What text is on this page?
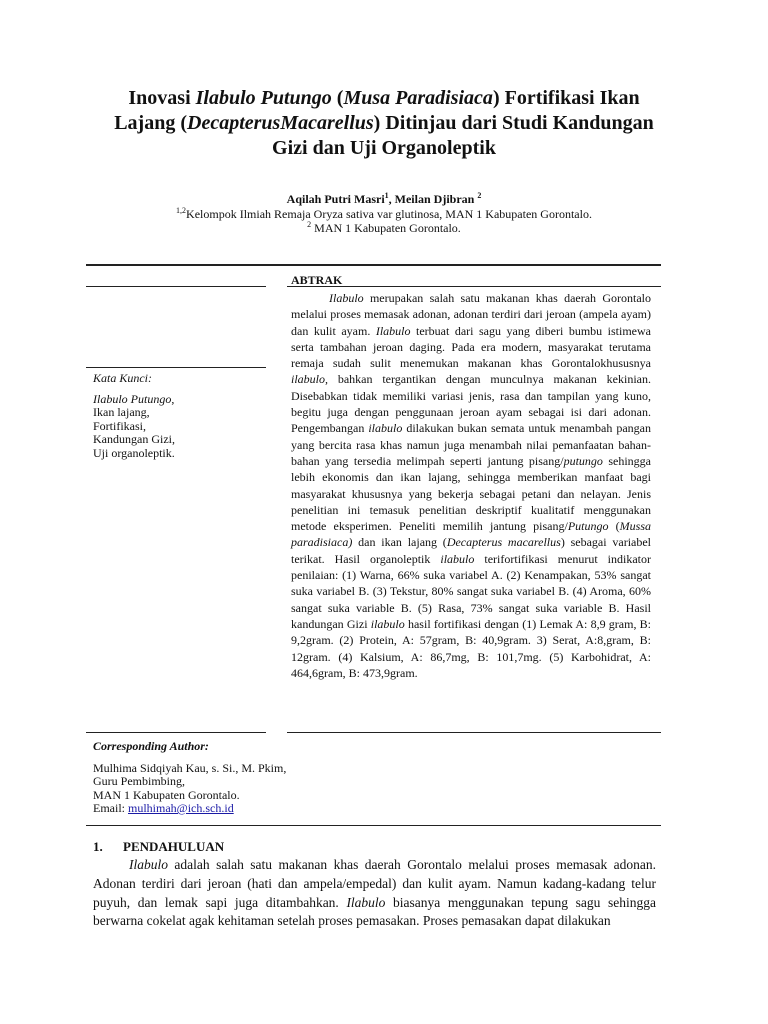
Inovasi Ilabulo Putungo (Musa Paradisiaca) Fortifikasi Ikan
Lajang (DecapterusMacarellus) Ditinjau dari Studi Kandungan
Gizi dan Uji Organoleptik
Aqilah Putri Masri$^1$, Meilan Djibran $^2$
$^{1,2}$Kelompok Ilmiah Remaja Oryza sativa var glutinosa, MAN 1 Kabupaten Gorontalo.
$^2$ MAN 1 Kabupaten Gorontalo.
Kata Kunci:
Ilabulo Putungo,
Ikan lajang,
Fortifikasi,
Kandungan Gizi,
Uji organoleptik.
ABTRAK

Ilabulo merupakan salah satu makanan khas daerah Gorontalo melalui proses memasak adonan, adonan terdiri dari jeroan (ampela ayam) dan kulit ayam. Ilabulo terbuat dari sagu yang diberi bumbu istimewa serta tambahan jeroan daging. Pada era modern, masyarakat terutama remaja sudah sulit menemukan makanan khas Gorontalokhususnya ilabulo, bahkan tergantikan dengan munculnya makanan kekinian. Disebabkan tidak memiliki variasi jenis, rasa dan tampilan yang kuno, begitu juga dengan penggunaan jeroan ayam sebagai isi dari adonan. Pengembangan ilabulo dilakukan bukan semata untuk menambah pangan yang bercita rasa khas namun juga menambah nilai pemanfaatan bahan-bahan yang tersedia melimpah seperti jantung pisang/putungo sehingga lebih ekonomis dan ikan lajang, sehingga memberikan manfaat bagi masyarakat khususnya yang bekerja sebagai petani dan nelayan. Jenis penelitian ini temasuk penelitian deskriptif kualitatif menggunakan metode eksperimen. Peneliti memilih jantung pisang/Putungo (Mussa paradisiaca) dan ikan lajang (Decapterus macarellus) sebagai variabel terikat. Hasil organoleptik ilabulo terifortifikasi menurut indikator penilaian: (1) Warna, 66% suka variabel A. (2) Kenampakan, 53% sangat suka variabel B. (3) Tekstur, 80% sangat suka variabel B. (4) Aroma, 60% sangat suka variable B. (5) Rasa, 73% sangat suka variable B. Hasil kandungan Gizi ilabulo hasil fortifikasi dengan (1) Lemak A: 8,9 gram, B: 9,2gram. (2) Protein, A: 57gram, B: 40,9gram. 3) Serat, A:8,gram, B: 12gram. (4) Kalsium, A: 86,7mg, B: 101,7mg. (5) Karbohidrat, A: 464,6gram, B: 473,9gram.

Corresponding Author:
Mulhima Sidqiyah Kau, s. Si., M. Pkim,
Guru Pembimbing,
MAN 1 Kabupaten Gorontalo.
Email: mulhimah@ich.sch.id
1. PENDAHULUAN

Ilabulo adalah salah satu makanan khas daerah Gorontalo melalui proses memasak adonan. Adonan terdiri dari jeroan (hati dan ampela/empedal) dan kulit ayam. Namun kadang-kadang telur puyuh, dan lemak sapi juga ditambahkan. Ilabulo biasanya menggunakan tepung sagu sehingga berwarna cokelat agak kehitaman setelah proses pemasakan. Proses pemasakan dapat dilakukan
